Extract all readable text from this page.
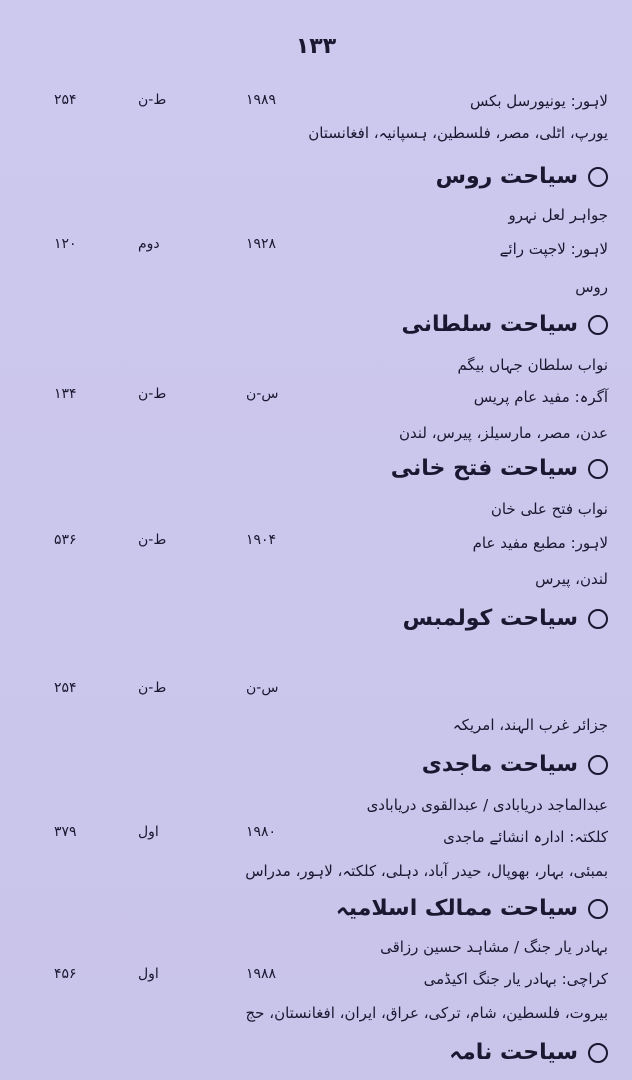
۱۳۳
لاہور: یونیورسل بکس
یورپ، اٹلی، مصر، فلسطین، ہسپانیہ، افغانستان
۱۹۸۹
ط-ن
۲۵۴
سیاحت روس
جواہر لعل نہرو
لاہور: لاجپت رائے
روس
۱۹۲۸
دوم
۱۲۰
سیاحت سلطانی
نواب سلطان جہاں بیگم
آگرہ: مفید عام پریس
عدن، مصر، مارسیلز، پیرس، لندن
س-ن
ط-ن
۱۳۴
سیاحت فتح خانی
نواب فتح علی خان
لاہور: مطبع مفید عام
لندن، پیرس
۱۹۰۴
ط-ن
۵۳۶
سیاحت کولمبس
س-ن
ط-ن
۲۵۴
جزائر غرب الہند، امریکہ
سیاحت ماجدی
عبدالماجد دریابادی / عبدالقوی دریابادی
کلکتہ: ادارہ انشائے ماجدی
بمبئی، بہار، بھوپال، حیدر آباد، دہلی، کلکتہ، لاہور، مدراس
۱۹۸۰
اول
۳۷۹
سیاحت ممالک اسلامیہ
بہادر یار جنگ / مشاہد حسین رزاقی
کراچی: بہادر یار جنگ اکیڈمی
بیروت، فلسطین، شام، ترکی، عراق، ایران، افغانستان، حج
۱۹۸۸
اول
۴۵۶
سیاحت نامہ
